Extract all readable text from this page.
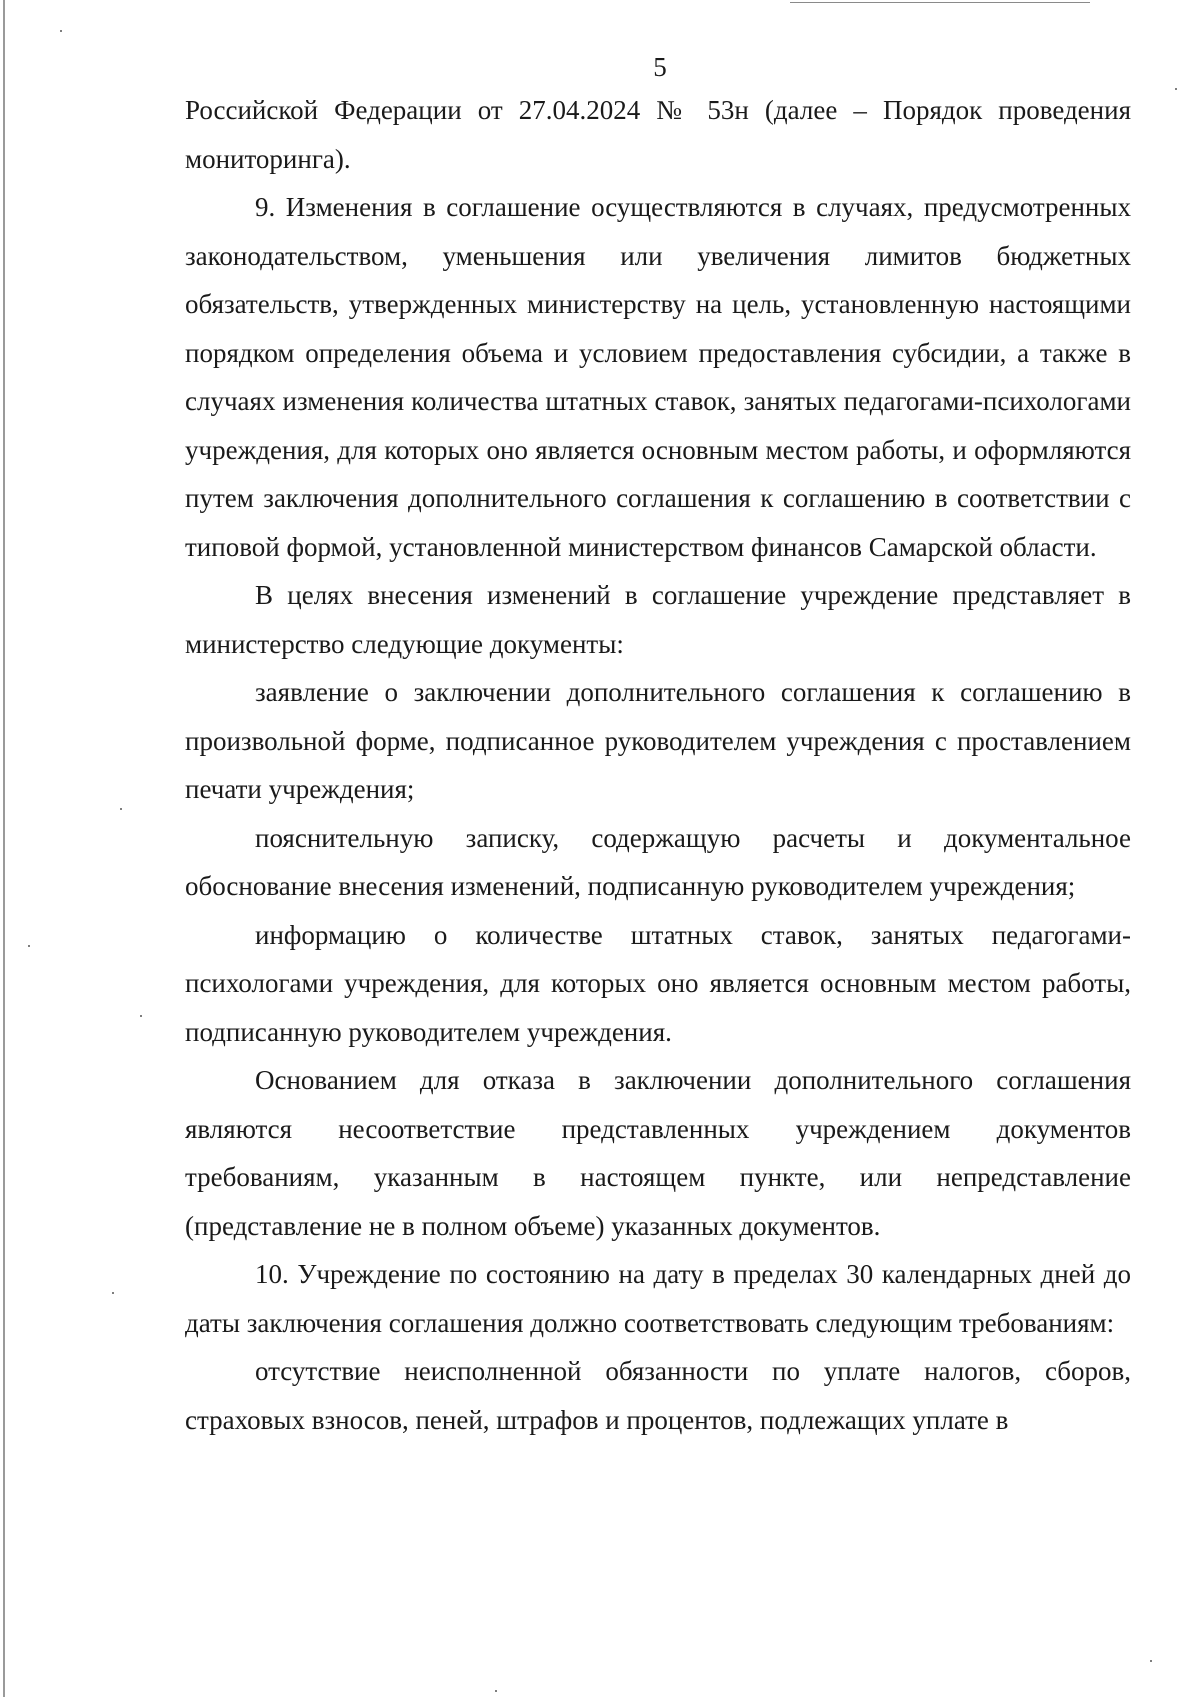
5

Российской Федерации от 27.04.2024 № 53н (далее – Порядок проведения мониторинга).

9. Изменения в соглашение осуществляются в случаях, предусмотренных законодательством, уменьшения или увеличения лимитов бюджетных обязательств, утвержденных министерству на цель, установленную настоящими порядком определения объема и условием предоставления субсидии, а также в случаях изменения количества штатных ставок, занятых педагогами-психологами учреждения, для которых оно является основным местом работы, и оформляются путем заключения дополнительного соглашения к соглашению в соответствии с типовой формой, установленной министерством финансов Самарской области.

В целях внесения изменений в соглашение учреждение представляет в министерство следующие документы:

заявление о заключении дополнительного соглашения к соглашению в произвольной форме, подписанное руководителем учреждения с проставлением печати учреждения;

пояснительную записку, содержащую расчеты и документальное обоснование внесения изменений, подписанную руководителем учреждения;

информацию о количестве штатных ставок, занятых педагогами-психологами учреждения, для которых оно является основным местом работы, подписанную руководителем учреждения.

Основанием для отказа в заключении дополнительного соглашения являются несоответствие представленных учреждением документов требованиям, указанным в настоящем пункте, или непредставление (представление не в полном объеме) указанных документов.

10. Учреждение по состоянию на дату в пределах 30 календарных дней до даты заключения соглашения должно соответствовать следующим требованиям:

отсутствие неисполненной обязанности по уплате налогов, сборов, страховых взносов, пеней, штрафов и процентов, подлежащих уплате в
